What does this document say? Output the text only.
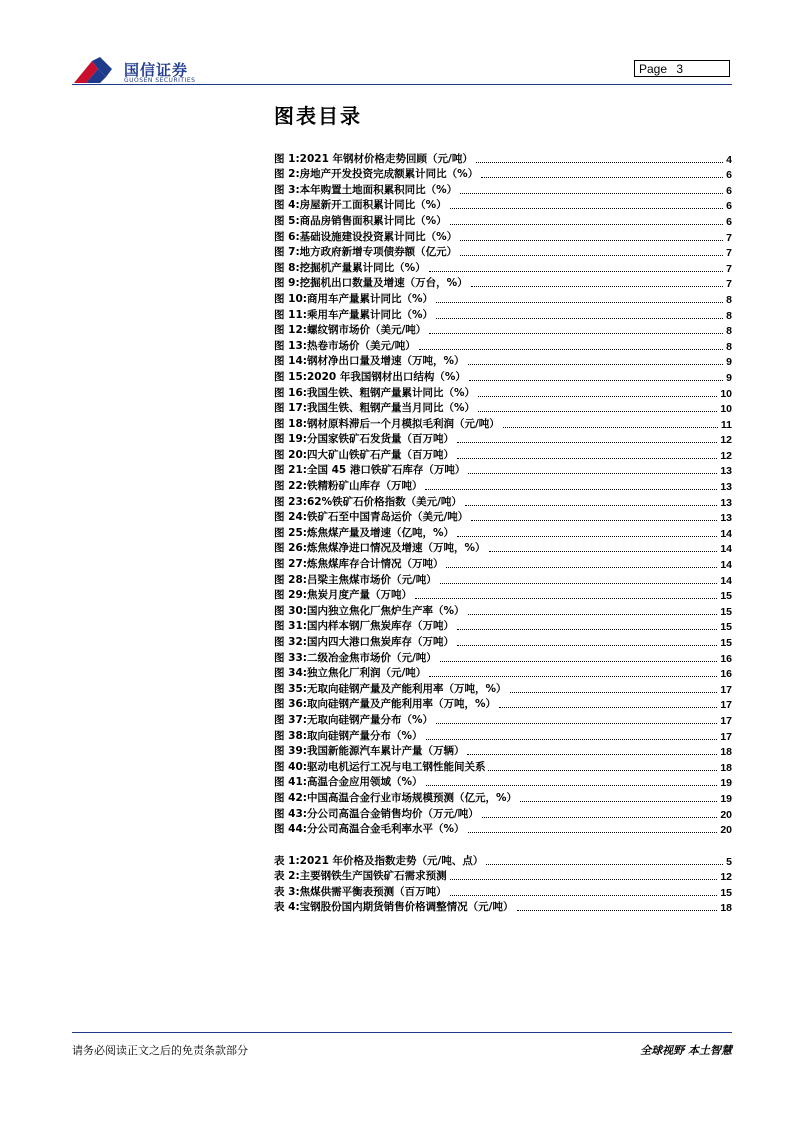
国信证券
GUOSEN SECURITIES
Page 3
图表目录
图 1: 2021 年钢材价格走势回顾（元/吨）	4
图 2: 房地产开发投资完成额累计同比（%）	6
图 3: 本年购置土地面积累积同比（%）	6
图 4: 房屋新开工面积累计同比（%）	6
图 5: 商品房销售面积累计同比（%）	6
图 6: 基础设施建设投资累计同比（%）	7
图 7: 地方政府新增专项债券额（亿元）	7
图 8: 挖掘机产量累计同比（%）	7
图 9: 挖掘机出口数量及增速（万台，%）	7
图 10: 商用车产量累计同比（%）	8
图 11: 乘用车产量累计同比（%）	8
图 12: 螺纹钢市场价（美元/吨）	8
图 13: 热卷市场价（美元/吨）	8
图 14: 钢材净出口量及增速（万吨，%）	9
图 15: 2020 年我国钢材出口结构（%）	9
图 16: 我国生铁、粗钢产量累计同比（%）	10
图 17: 我国生铁、粗钢产量当月同比（%）	10
图 18: 钢材原料滞后一个月模拟毛利润（元/吨）	11
图 19: 分国家铁矿石发货量（百万吨）	12
图 20: 四大矿山铁矿石产量（百万吨）	12
图 21: 全国 45 港口铁矿石库存（万吨）	13
图 22: 铁精粉矿山库存（万吨）	13
图 23: 62%铁矿石价格指数（美元/吨）	13
图 24: 铁矿石至中国青岛运价（美元/吨）	13
图 25: 炼焦煤产量及增速（亿吨，%）	14
图 26: 炼焦煤净进口情况及增速（万吨，%）	14
图 27: 炼焦煤库存合计情况（万吨）	14
图 28: 吕梁主焦煤市场价（元/吨）	14
图 29: 焦炭月度产量（万吨）	15
图 30: 国内独立焦化厂焦炉生产率（%）	15
图 31: 国内样本钢厂焦炭库存（万吨）	15
图 32: 国内四大港口焦炭库存（万吨）	15
图 33: 二级冶金焦市场价（元/吨）	16
图 34: 独立焦化厂利润（元/吨）	16
图 35: 无取向硅钢产量及产能利用率（万吨，%）	17
图 36: 取向硅钢产量及产能利用率（万吨，%）	17
图 37: 无取向硅钢产量分布（%）	17
图 38: 取向硅钢产量分布（%）	17
图 39: 我国新能源汽车累计产量（万辆）	18
图 40: 驱动电机运行工况与电工钢性能间关系	18
图 41: 高温合金应用领域（%）	19
图 42: 中国高温合金行业市场规模预测（亿元，%）	19
图 43: 分公司高温合金销售均价（万元/吨）	20
图 44: 分公司高温合金毛利率水平（%）	20
表 1: 2021 年价格及指数走势（元/吨、点）	5
表 2: 主要钢铁生产国铁矿石需求预测	12
表 3: 焦煤供需平衡表预测（百万吨）	15
表 4: 宝钢股份国内期货销售价格调整情况（元/吨）	18
请务必阅读正文之后的免责条款部分	全球视野 本土智慧
